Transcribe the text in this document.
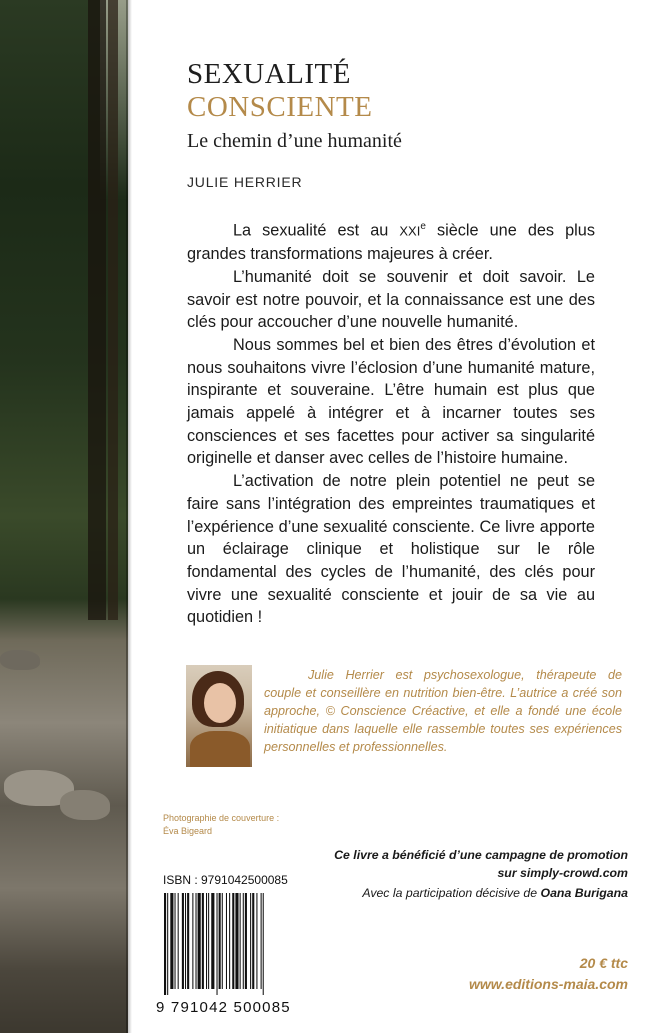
SEXUALITÉ
CONSCIENTE
Le chemin d’une humanité
JULIE HERRIER

La sexualité est au XXIe siècle une des plus grandes transformations majeures à créer.

L’humanité doit se souvenir et doit savoir. Le savoir est notre pouvoir, et la connaissance est une des clés pour accoucher d’une nouvelle humanité.

Nous sommes bel et bien des êtres d’évolution et nous souhaitons vivre l’éclosion d’une humanité mature, inspirante et souveraine. L’être humain est plus que jamais appelé à intégrer et à incarner toutes ses consciences et ses facettes pour activer sa singularité originelle et danser avec celles de l’histoire humaine.

L’activation de notre plein potentiel ne peut se faire sans l’intégration des empreintes traumatiques et l’expérience d’une sexualité consciente. Ce livre apporte un éclairage clinique et holistique sur le rôle fondamental des cycles de l’humanité, des clés pour vivre une sexualité consciente et jouir de sa vie au quotidien !

Julie Herrier est psychosexologue, thérapeute de couple et conseillère en nutrition bien-être. L’autrice a créé son approche, © Conscience Créactive, et elle a fondé une école initiatique dans laquelle elle rassemble toutes ses expériences personnelles et professionnelles.

Photographie de couverture :
Éva Bigeard
Ce livre a bénéficié d’une campagne de promotion
sur simply-crowd.com
Avec la participation décisive de Oana Burigana
ISBN : 9791042500085
9 791042 500085
20 € ttc
www.editions-maia.com
